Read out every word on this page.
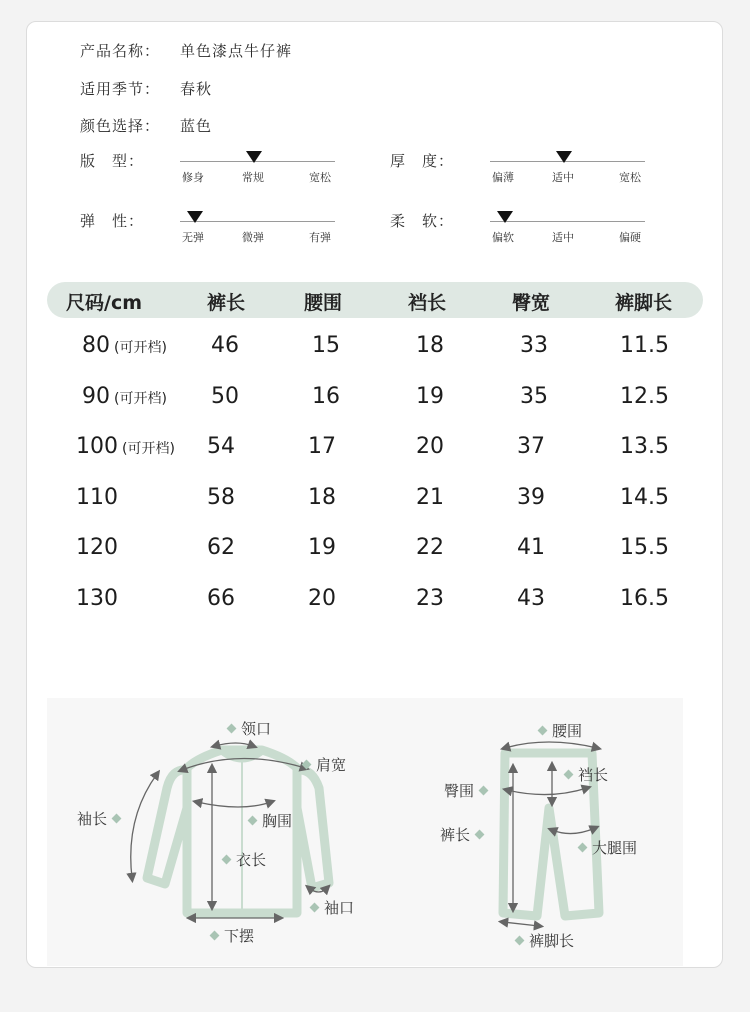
产品名称： 单色漆点牛仔裤
适用季节： 春秋
颜色选择： 蓝色
版　型：
修身	常规	宽松
厚　度：
偏薄	适中	宽松
弹　性：
无弹	微弹	有弹
柔　软：
偏软	适中	偏硬
尺码/cm	裤长	腰围	裆长	臀宽	裤脚长
80 (可开档) 46	15	18	33	11.5
90 (可开档) 50	16	19	35	12.5
100 (可开档) 54	17	20	37	13.5
110	58	18	21	39	14.5
120	62	19	22	41	15.5
130	66	20	23	43	16.5
领口
肩宽
袖长	胸围
衣长
袖口
下摆
腰围
臀围
裆长
裤长
大腿围
裤脚长
